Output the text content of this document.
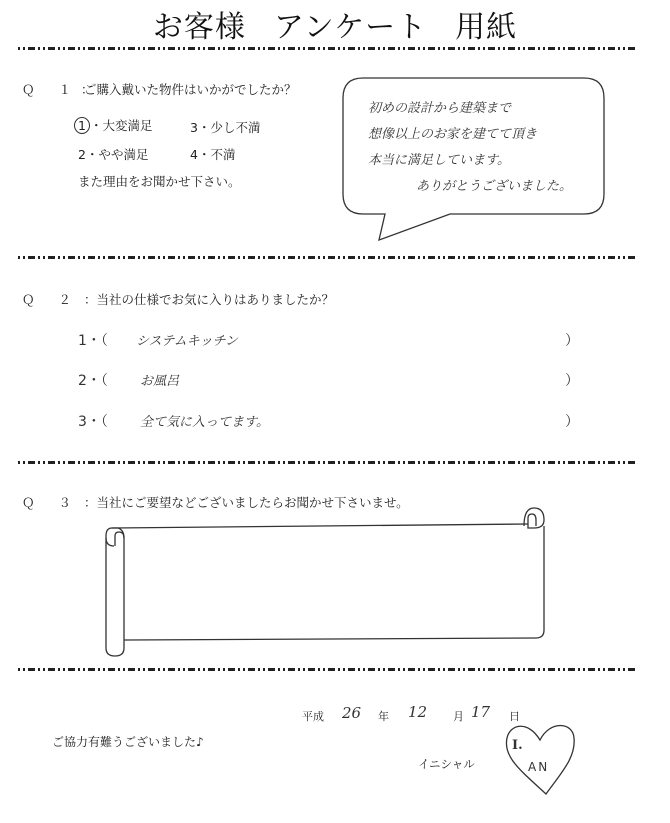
お客様 アンケート 用紙
Ｑ １：ご購入戴いた物件はいかがでしたか？
1 ・大変満足	3・少し不満
2・やや満足	4・不満
また理由をお聞かせ下さい。
初めの設計から建築まで
想像以上のお家を建てて頂き
本当に満足しています。
ありがとうございました。
Ｑ ２ ：当社の仕様でお気に入りはありましたか？
1・（ システムキッチン	）
2・（ お風呂	）
3・（ 全て気に入ってます。	）
Ｑ ３ ：当社にご要望などございましたらお聞かせ下さいませ。
平成 26 年 12 月 17 日
ご協力有難うございました♪
イニシャル
I.
AN
